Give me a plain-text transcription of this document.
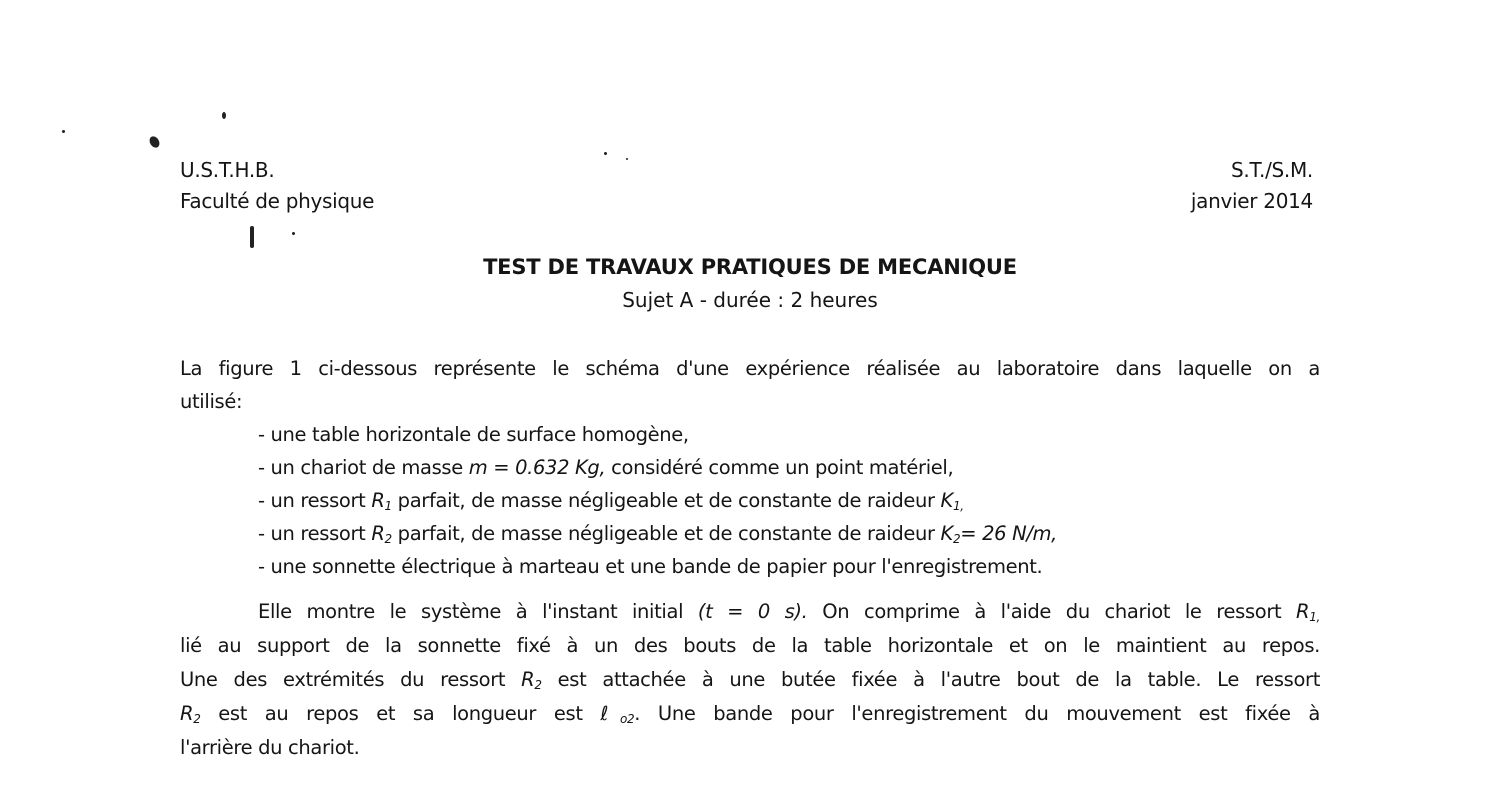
U.S.T.H.B.
Faculté de physique
S.T./S.M.
janvier 2014
TEST DE TRAVAUX PRATIQUES DE MECANIQUE
Sujet A - durée : 2 heures
La figure 1 ci-dessous représente le schéma d'une expérience réalisée au laboratoire dans laquelle on a
utilisé:
- une table horizontale de surface homogène,
- un chariot de masse m = 0.632 Kg, considéré comme un point matériel,
- un ressort $R_1$ parfait, de masse négligeable et de constante de raideur $K_{1,}$
- un ressort $R_2$ parfait, de masse négligeable et de constante de raideur $K_2= 26$ N/m,
- une sonnette électrique à marteau et une bande de papier pour l'enregistrement.
Elle montre le système à l'instant initial (t = 0 s). On comprime à l'aide du chariot le ressort $R_{1,}$
lié au support de la sonnette fixé à un des bouts de la table horizontale et on le maintient au repos.
Une des extrémités du ressort $R_2$ est attachée à une butée fixée à l'autre bout de la table. Le ressort
$R_2$ est au repos et sa longueur est ℓ$_{o2}$. Une bande pour l'enregistrement du mouvement est fixée à
l'arrière du chariot.
